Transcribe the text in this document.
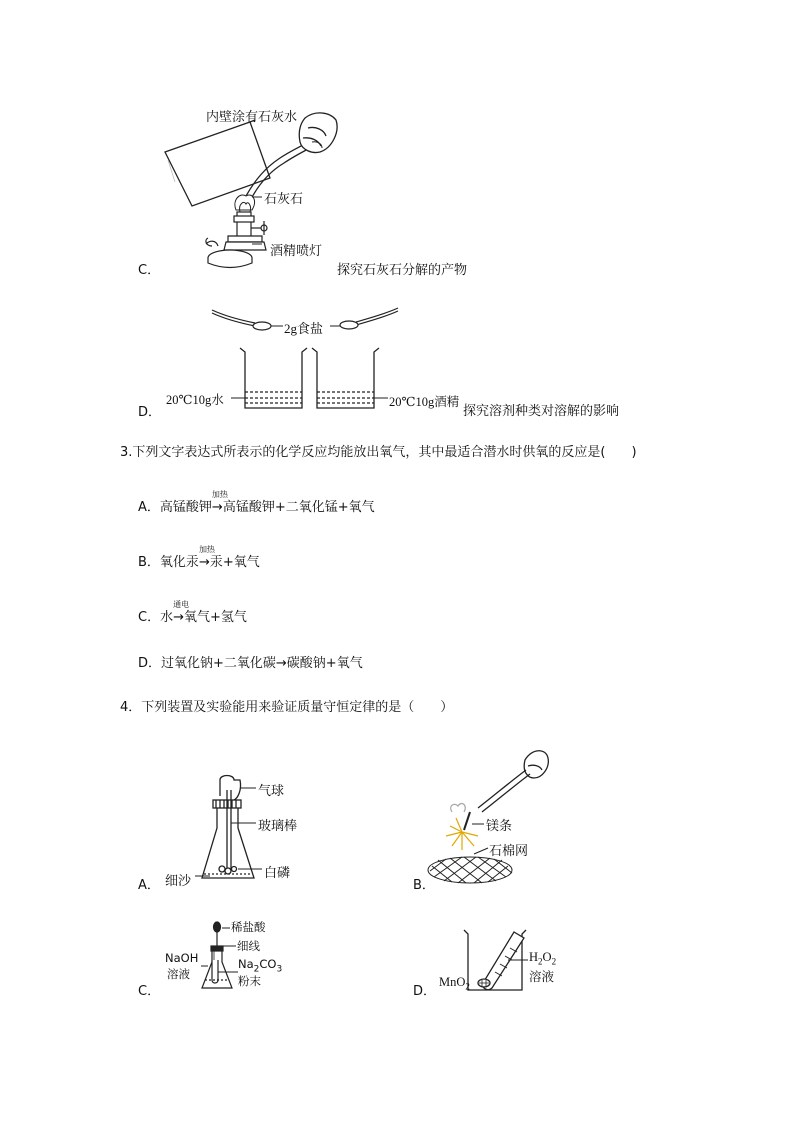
内壁涂有石灰水
石灰石
酒精喷灯
C．	探究石灰石分解的产物
2g食盐
20℃10g水	20℃10g酒精
D．	探究溶剂种类对溶解的影响
3.下列文字表达式所表示的化学反应均能放出氧气，其中最适合潜水时供氧的反应是(　　)
A．高锰酸钾
加热
→高锰酸钾+二氧化锰+氧气
B．氧化汞
加热
→汞+氧气
C．水
通电
→氧气+氢气
D．过氧化钠+二氧化碳→碳酸钠+氧气
4．下列装置及实验能用来验证质量守恒定律的是（　　）
气球
玻璃棒
细沙
白磷
A．
镁条
石棉网
B．
稀盐酸
细线
NaOH
溶液
$Na_2CO_3$
粉末
C．
MnO$_2$
$H_2O_2$
溶液
D．
